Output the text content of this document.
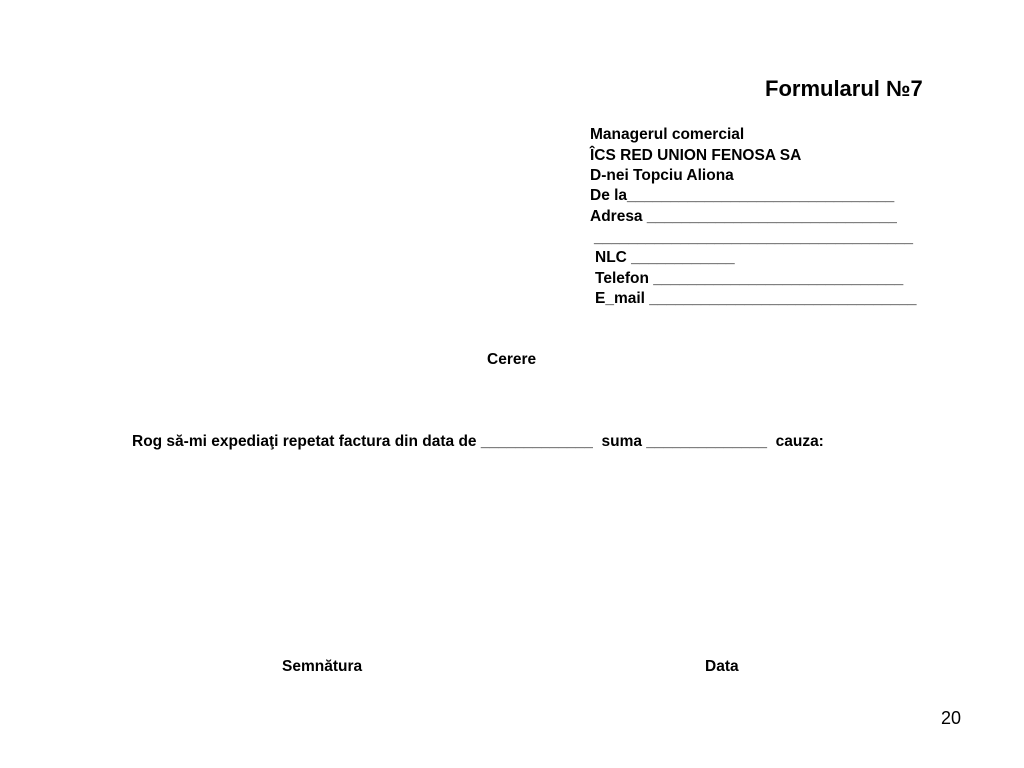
Formularul №7
Managerul comercial
ÎCS RED UNION FENOSA SA
D-nei Topciu Aliona
De la_______________________________
Adresa _____________________________
_____________________________________
NLC ____________
Telefon _____________________________
E_mail _______________________________
Cerere
Rog să-mi expediaţi repetat factura din data de _____________  suma ______________  cauza:
Semnătura	Data
20
